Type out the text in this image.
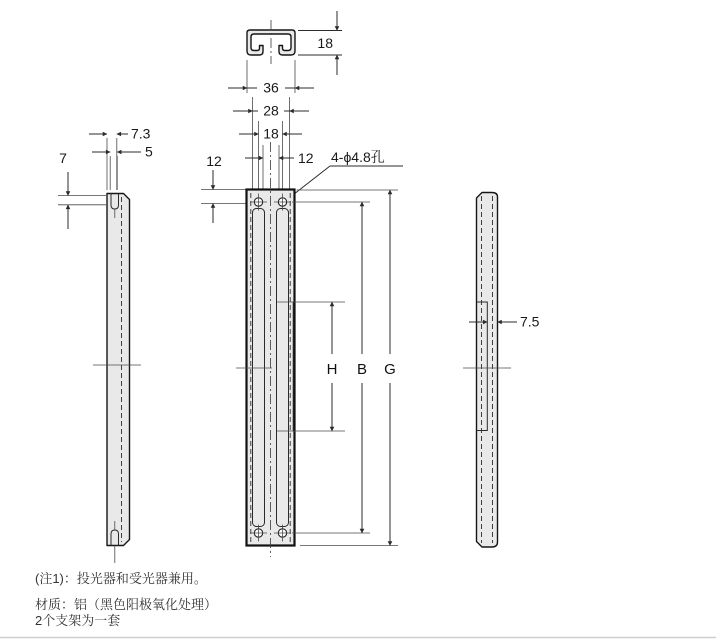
18
36
28
18
12 4-ϕ4.8孔
12
H B G
7.3
5
7
7.5
(注1)：投光器和受光器兼用。
材质：铝（黑色阳极氧化处理）
2个支架为一套
